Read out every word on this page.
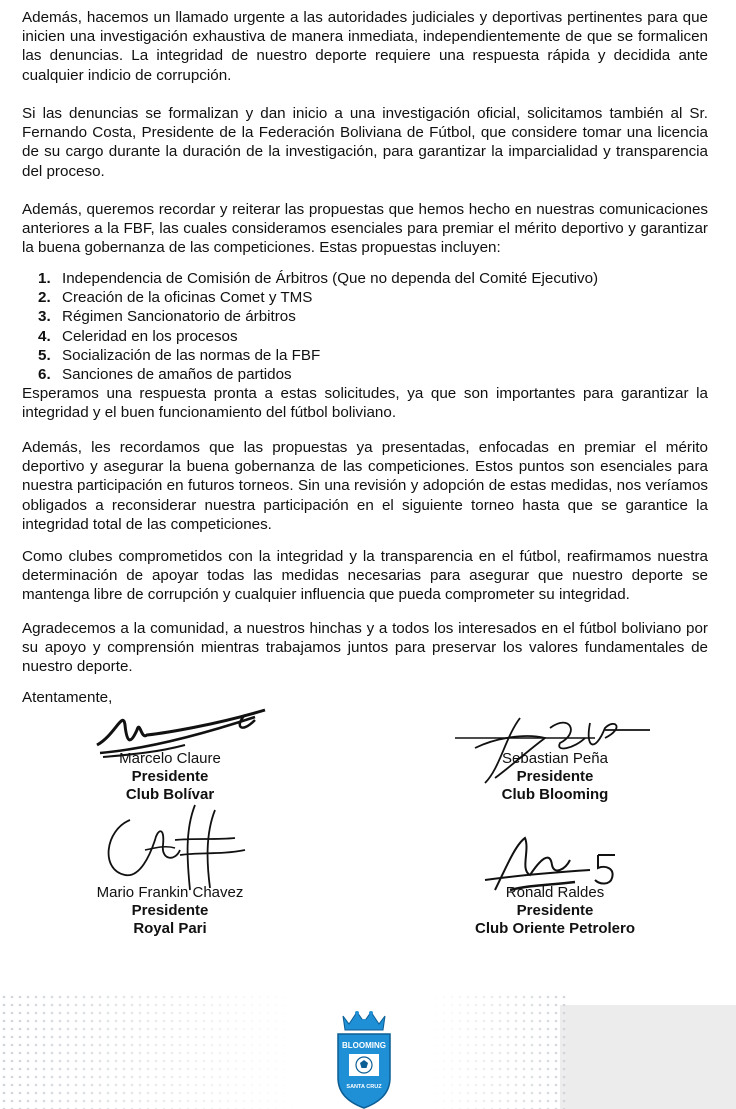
Además, hacemos un llamado urgente a las autoridades judiciales y deportivas pertinentes para que inicien una investigación exhaustiva de manera inmediata, independientemente de que se formalicen las denuncias. La integridad de nuestro deporte requiere una respuesta rápida y decidida ante cualquier indicio de corrupción.

Si las denuncias se formalizan y dan inicio a una investigación oficial, solicitamos también al Sr. Fernando Costa, Presidente de la Federación Boliviana de Fútbol, que considere tomar una licencia de su cargo durante la duración de la investigación, para garantizar la imparcialidad y transparencia del proceso.

Además, queremos recordar y reiterar las propuestas que hemos hecho en nuestras comunicaciones anteriores a la FBF, las cuales consideramos esenciales para premiar el mérito deportivo y garantizar la buena gobernanza de las competiciones. Estas propuestas incluyen:

1. Independencia de Comisión de Árbitros (Que no dependa del Comité Ejecutivo)
2. Creación de la oficinas Comet y TMS
3. Régimen Sancionatorio de árbitros
4. Celeridad en los procesos
5. Socialización de las normas de la FBF
6. Sanciones de amaños de partidos

Esperamos una respuesta pronta a estas solicitudes, ya que son importantes para garantizar la integridad y el buen funcionamiento del fútbol boliviano.

Además, les recordamos que las propuestas ya presentadas, enfocadas en premiar el mérito deportivo y asegurar la buena gobernanza de las competiciones. Estos puntos son esenciales para nuestra participación en futuros torneos. Sin una revisión y adopción de estas medidas, nos veríamos obligados a reconsiderar nuestra participación en el siguiente torneo hasta que se garantice la integridad total de las competiciones.

Como clubes comprometidos con la integridad y la transparencia en el fútbol, reafirmamos nuestra determinación de apoyar todas las medidas necesarias para asegurar que nuestro deporte se mantenga libre de corrupción y cualquier influencia que pueda comprometer su integridad.

Agradecemos a la comunidad, a nuestros hinchas y a todos los interesados en el fútbol boliviano por su apoyo y comprensión mientras trabajamos juntos para preservar los valores fundamentales de nuestro deporte.

Atentamente,

Marcelo Claure
Presidente
Club Bolívar
Sebastian Peña
Presidente
Club Blooming
Mario Frankin Chavez
Presidente
Royal Pari
Ronald Raldes
Presidente
Club Oriente Petrolero
BLOOMING
SANTA CRUZ
